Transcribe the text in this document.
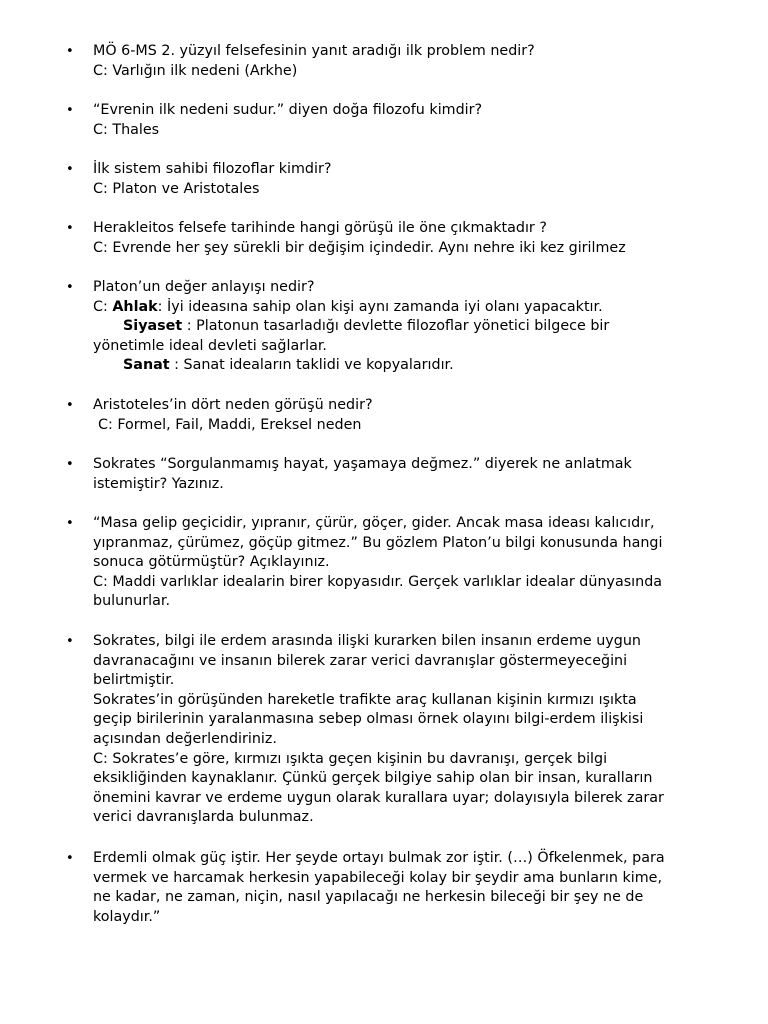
• MÖ 6-MS 2. yüzyıl felsefesinin yanıt aradığı ilk problem nedir?
C: Varlığın ilk nedeni (Arkhe)
• “Evrenin ilk nedeni sudur.” diyen doğa filozofu kimdir?
C: Thales
• İlk sistem sahibi filozoflar kimdir?
C: Platon ve Aristotales
• Herakleitos felsefe tarihinde hangi görüşü ile öne çıkmaktadır ?
C: Evrende her şey sürekli bir değişim içindedir. Aynı nehre iki kez girilmez
• Platon’un değer anlayışı nedir?
C: Ahlak: İyi ideasına sahip olan kişi aynı zamanda iyi olanı yapacaktır.
Siyaset : Platonun tasarladığı devlette filozoflar yönetici bilgece bir
yönetimle ideal devleti sağlarlar.
Sanat : Sanat ideaların taklidi ve kopyalarıdır.
• Aristoteles’in dört neden görüşü nedir?
C: Formel, Fail, Maddi, Ereksel neden
• Sokrates “Sorgulanmamış hayat, yaşamaya değmez.” diyerek ne anlatmak
istemiştir? Yazınız.
• “Masa gelip geçicidir, yıpranır, çürür, göçer, gider. Ancak masa ideası kalıcıdır,
yıpranmaz, çürümez, göçüp gitmez.” Bu gözlem Platon’u bilgi konusunda hangi
sonuca götürmüştür? Açıklayınız.
C: Maddi varlıklar idealarin birer kopyasıdır. Gerçek varlıklar idealar dünyasında
bulunurlar.
• Sokrates, bilgi ile erdem arasında ilişki kurarken bilen insanın erdeme uygun
davranacağını ve insanın bilerek zarar verici davranışlar göstermeyeceğini
belirtmiştir.
Sokrates’in görüşünden hareketle trafikte araç kullanan kişinin kırmızı ışıkta
geçip birilerinin yaralanmasına sebep olması örnek olayını bilgi-erdem ilişkisi
açısından değerlendiriniz.
C: Sokrates’e göre, kırmızı ışıkta geçen kişinin bu davranışı, gerçek bilgi
eksikliğinden kaynaklanır. Çünkü gerçek bilgiye sahip olan bir insan, kuralların
önemini kavrar ve erdeme uygun olarak kurallara uyar; dolayısıyla bilerek zarar
verici davranışlarda bulunmaz.
• Erdemli olmak güç iştir. Her şeyde ortayı bulmak zor iştir. (…) Öfkelenmek, para
vermek ve harcamak herkesin yapabileceği kolay bir şeydir ama bunların kime,
ne kadar, ne zaman, niçin, nasıl yapılacağı ne herkesin bileceği bir şey ne de
kolaydır.”
